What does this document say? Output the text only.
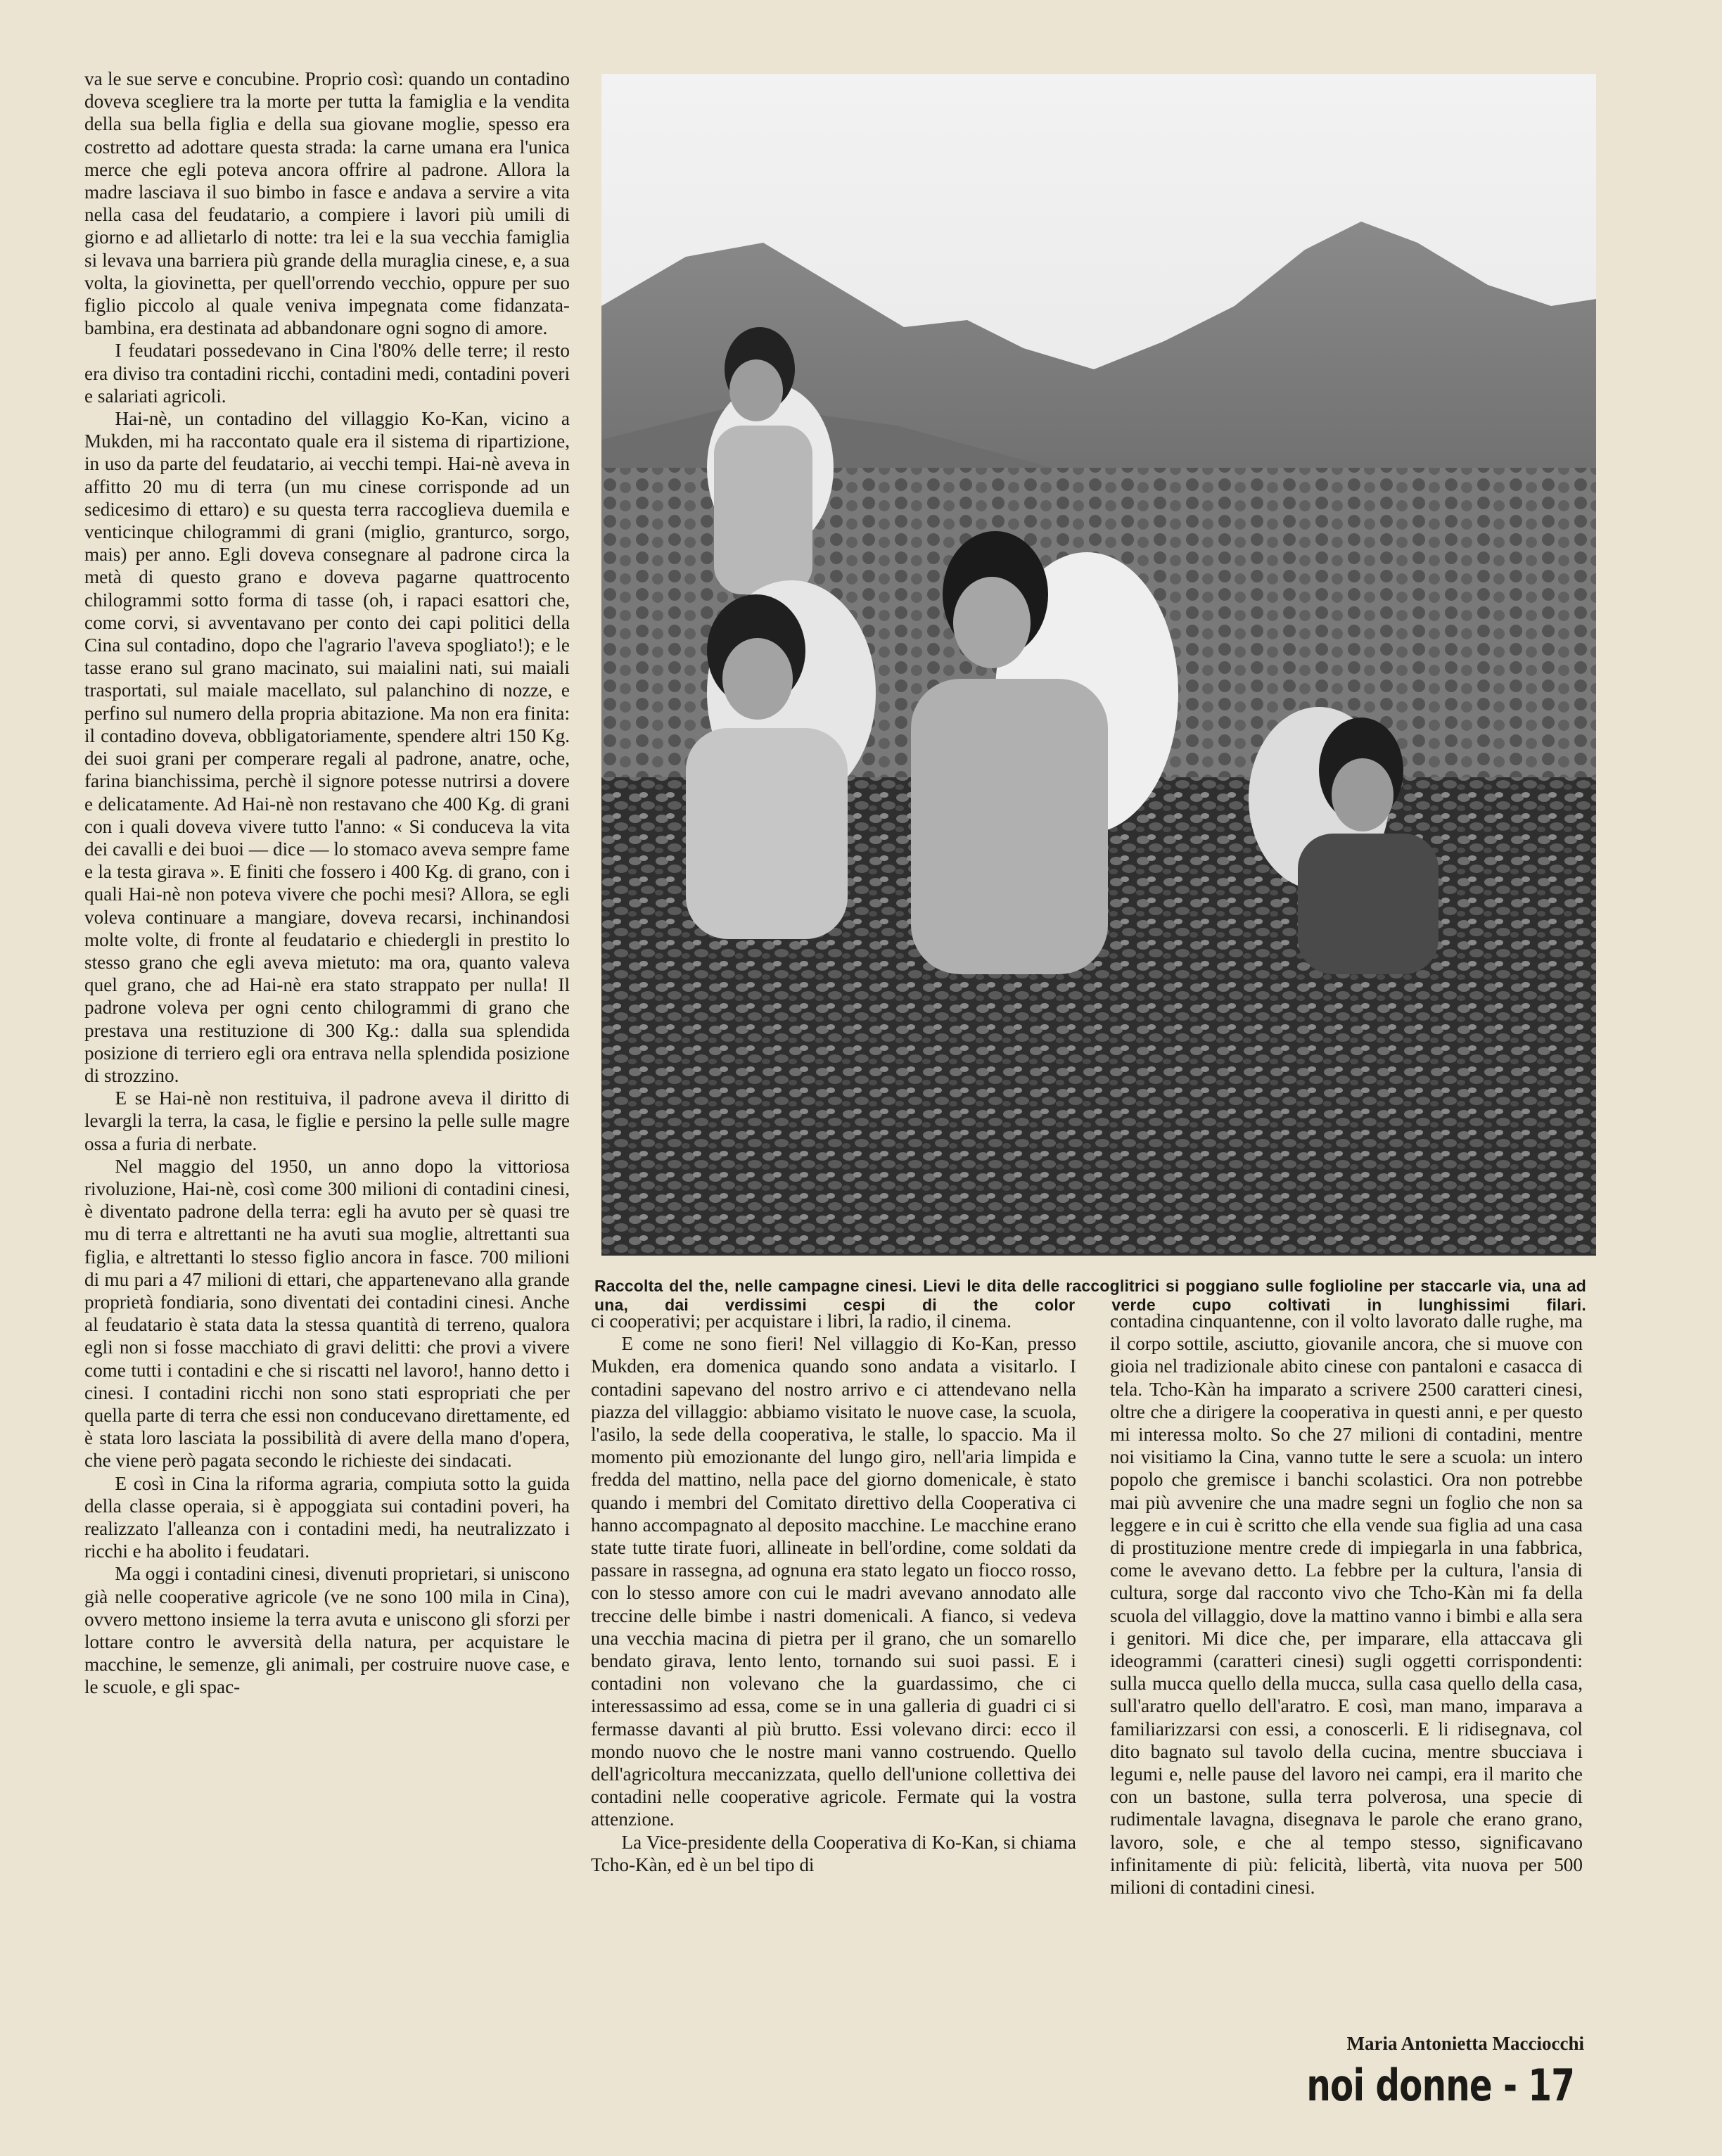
va le sue serve e concubine. Proprio così: quando un contadino doveva scegliere tra la morte per tutta la famiglia e la vendita della sua bella figlia e della sua giovane moglie, spesso era costretto ad adottare questa strada: la carne umana era l'unica merce che egli poteva ancora offrire al padrone. Allora la madre lasciava il suo bimbo in fasce e andava a servire a vita nella casa del feudatario, a compiere i lavori più umili di giorno e ad allietarlo di notte: tra lei e la sua vecchia famiglia si levava una barriera più grande della muraglia cinese, e, a sua volta, la giovinetta, per quell'orrendo vecchio, oppure per suo figlio piccolo al quale veniva impegnata come fidanzata-bambina, era destinata ad abbandonare ogni sogno di amore.

I feudatari possedevano in Cina l'80% delle terre; il resto era diviso tra contadini ricchi, contadini medi, contadini poveri e salariati agricoli.

Hai-nè, un contadino del villaggio Ko-Kan, vicino a Mukden, mi ha raccontato quale era il sistema di ripartizione, in uso da parte del feudatario, ai vecchi tempi. Hai-nè aveva in affitto 20 mu di terra (un mu cinese corrisponde ad un sedicesimo di ettaro) e su questa terra raccoglieva duemila e venticinque chilogrammi di grani (miglio, granturco, sorgo, mais) per anno. Egli doveva consegnare al padrone circa la metà di questo grano e doveva pagarne quattrocento chilogrammi sotto forma di tasse (oh, i rapaci esattori che, come corvi, si avventavano per conto dei capi politici della Cina sul contadino, dopo che l'agrario l'aveva spogliato!); e le tasse erano sul grano macinato, sui maialini nati, sui maiali trasportati, sul maiale macellato, sul palanchino di nozze, e perfino sul numero della propria abitazione. Ma non era finita: il contadino doveva, obbligatoriamente, spendere altri 150 Kg. dei suoi grani per comperare regali al padrone, anatre, oche, farina bianchissima, perchè il signore potesse nutrirsi a dovere e delicatamente. Ad Hai-nè non restavano che 400 Kg. di grani con i quali doveva vivere tutto l'anno: « Si conduceva la vita dei cavalli e dei buoi — dice — lo stomaco aveva sempre fame e la testa girava ». E finiti che fossero i 400 Kg. di grano, con i quali Hai-nè non poteva vivere che pochi mesi? Allora, se egli voleva continuare a mangiare, doveva recarsi, inchinandosi molte volte, di fronte al feudatario e chiedergli in prestito lo stesso grano che egli aveva mietuto: ma ora, quanto valeva quel grano, che ad Hai-nè era stato strappato per nulla! Il padrone voleva per ogni cento chilogrammi di grano che prestava una restituzione di 300 Kg.: dalla sua splendida posizione di terriero egli ora entrava nella splendida posizione di strozzino.

E se Hai-nè non restituiva, il padrone aveva il diritto di levargli la terra, la casa, le figlie e persino la pelle sulle magre ossa a furia di nerbate.

Nel maggio del 1950, un anno dopo la vittoriosa rivoluzione, Hai-nè, così come 300 milioni di contadini cinesi, è diventato padrone della terra: egli ha avuto per sè quasi tre mu di terra e altrettanti ne ha avuti sua moglie, altrettanti sua figlia, e altrettanti lo stesso figlio ancora in fasce. 700 milioni di mu pari a 47 milioni di ettari, che appartenevano alla grande proprietà fondiaria, sono diventati dei contadini cinesi. Anche al feudatario è stata data la stessa quantità di terreno, qualora egli non si fosse macchiato di gravi delitti: che provi a vivere come tutti i contadini e che si riscatti nel lavoro!, hanno detto i cinesi. I contadini ricchi non sono stati espropriati che per quella parte di terra che essi non conducevano direttamente, ed è stata loro lasciata la possibilità di avere della mano d'opera, che viene però pagata secondo le richieste dei sindacati.

E così in Cina la riforma agraria, compiuta sotto la guida della classe operaia, si è appoggiata sui contadini poveri, ha realizzato l'alleanza con i contadini medi, ha neutralizzato i ricchi e ha abolito i feudatari.

Ma oggi i contadini cinesi, divenuti proprietari, si uniscono già nelle cooperative agricole (ve ne sono 100 mila in Cina), ovvero mettono insieme la terra avuta e uniscono gli sforzi per lottare contro le avversità della natura, per acquistare le macchine, le semenze, gli animali, per costruire nuove case, e le scuole, e gli spac-

Raccolta del the, nelle campagne cinesi. Lievi le dita delle raccoglitrici si poggiano sulle foglioline per staccarle via, una ad una, dai verdissimi cespi di the color verde cupo coltivati in lunghissimi filari.

ci cooperativi; per acquistare i libri, la radio, il cinema.

E come ne sono fieri! Nel villaggio di Ko-Kan, presso Mukden, era domenica quando sono andata a visitarlo. I contadini sapevano del nostro arrivo e ci attendevano nella piazza del villaggio: abbiamo visitato le nuove case, la scuola, l'asilo, la sede della cooperativa, le stalle, lo spaccio. Ma il momento più emozionante del lungo giro, nell'aria limpida e fredda del mattino, nella pace del giorno domenicale, è stato quando i membri del Comitato direttivo della Cooperativa ci hanno accompagnato al deposito macchine. Le macchine erano state tutte tirate fuori, allineate in bell'ordine, come soldati da passare in rassegna, ad ognuna era stato legato un fiocco rosso, con lo stesso amore con cui le madri avevano annodato alle treccine delle bimbe i nastri domenicali. A fianco, si vedeva una vecchia macina di pietra per il grano, che un somarello bendato girava, lento lento, tornando sui suoi passi. E i contadini non volevano che la guardassimo, che ci interessassimo ad essa, come se in una galleria di guadri ci si fermasse davanti al più brutto. Essi volevano dirci: ecco il mondo nuovo che le nostre mani vanno costruendo. Quello dell'agricoltura meccanizzata, quello dell'unione collettiva dei contadini nelle cooperative agricole. Fermate qui la vostra attenzione.

La Vice-presidente della Cooperativa di Ko-Kan, si chiama Tcho-Kàn, ed è un bel tipo di

contadina cinquantenne, con il volto lavorato dalle rughe, ma il corpo sottile, asciutto, giovanile ancora, che si muove con gioia nel tradizionale abito cinese con pantaloni e casacca di tela. Tcho-Kàn ha imparato a scrivere 2500 caratteri cinesi, oltre che a dirigere la cooperativa in questi anni, e per questo mi interessa molto. So che 27 milioni di contadini, mentre noi visitiamo la Cina, vanno tutte le sere a scuola: un intero popolo che gremisce i banchi scolastici. Ora non potrebbe mai più avvenire che una madre segni un foglio che non sa leggere e in cui è scritto che ella vende sua figlia ad una casa di prostituzione mentre crede di impiegarla in una fabbrica, come le avevano detto. La febbre per la cultura, l'ansia di cultura, sorge dal racconto vivo che Tcho-Kàn mi fa della scuola del villaggio, dove la mattino vanno i bimbi e alla sera i genitori. Mi dice che, per imparare, ella attaccava gli ideogrammi (caratteri cinesi) sugli oggetti corrispondenti: sulla mucca quello della mucca, sulla casa quello della casa, sull'aratro quello dell'aratro. E così, man mano, imparava a familiarizzarsi con essi, a conoscerli. E li ridisegnava, col dito bagnato sul tavolo della cucina, mentre sbucciava i legumi e, nelle pause del lavoro nei campi, era il marito che con un bastone, sulla terra polverosa, una specie di rudimentale lavagna, disegnava le parole che erano grano, lavoro, sole, e che al tempo stesso, significavano infinitamente di più: felicità, libertà, vita nuova per 500 milioni di contadini cinesi.

Maria Antonietta Macciocchi
noi donne - 17
